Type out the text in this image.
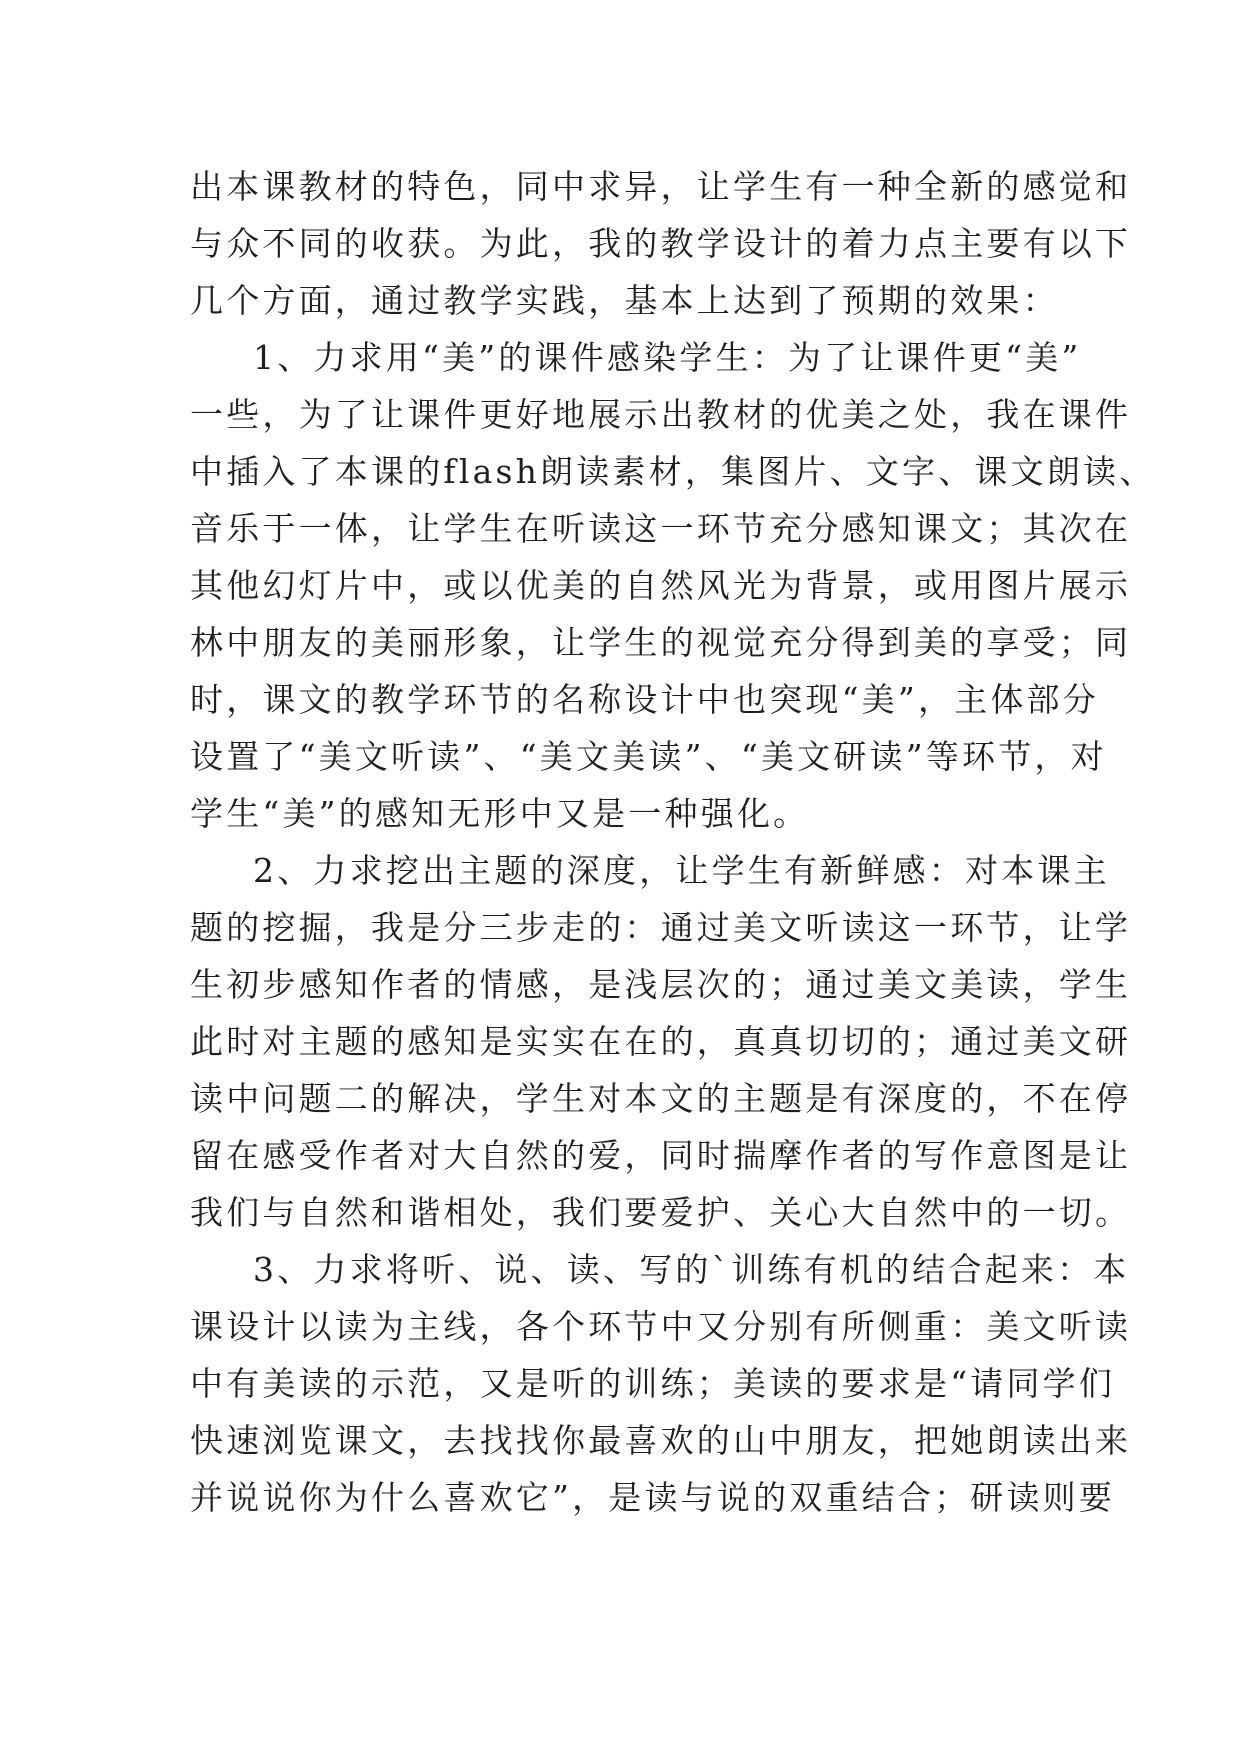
出本课教材的特色，同中求异，让学生有一种全新的感觉和
与众不同的收获。为此，我的教学设计的着力点主要有以下
几个方面，通过教学实践，基本上达到了预期的效果：
1、力求用“美”的课件感染学生：为了让课件更“美”
一些，为了让课件更好地展示出教材的优美之处，我在课件
中插入了本课的flash朗读素材，集图片、文字、课文朗读、
音乐于一体，让学生在听读这一环节充分感知课文；其次在
其他幻灯片中，或以优美的自然风光为背景，或用图片展示
林中朋友的美丽形象，让学生的视觉充分得到美的享受；同
时，课文的教学环节的名称设计中也突现“美”，主体部分
设置了“美文听读”、“美文美读”、“美文研读”等环节，对
学生“美”的感知无形中又是一种强化。
2、力求挖出主题的深度，让学生有新鲜感：对本课主
题的挖掘，我是分三步走的：通过美文听读这一环节，让学
生初步感知作者的情感，是浅层次的；通过美文美读，学生
此时对主题的感知是实实在在的，真真切切的；通过美文研
读中问题二的解决，学生对本文的主题是有深度的，不在停
留在感受作者对大自然的爱，同时揣摩作者的写作意图是让
我们与自然和谐相处，我们要爱护、关心大自然中的一切。
3、力求将听、说、读、写的`训练有机的结合起来：本
课设计以读为主线，各个环节中又分别有所侧重：美文听读
中有美读的示范，又是听的训练；美读的要求是“请同学们
快速浏览课文，去找找你最喜欢的山中朋友，把她朗读出来
并说说你为什么喜欢它”，是读与说的双重结合；研读则要
